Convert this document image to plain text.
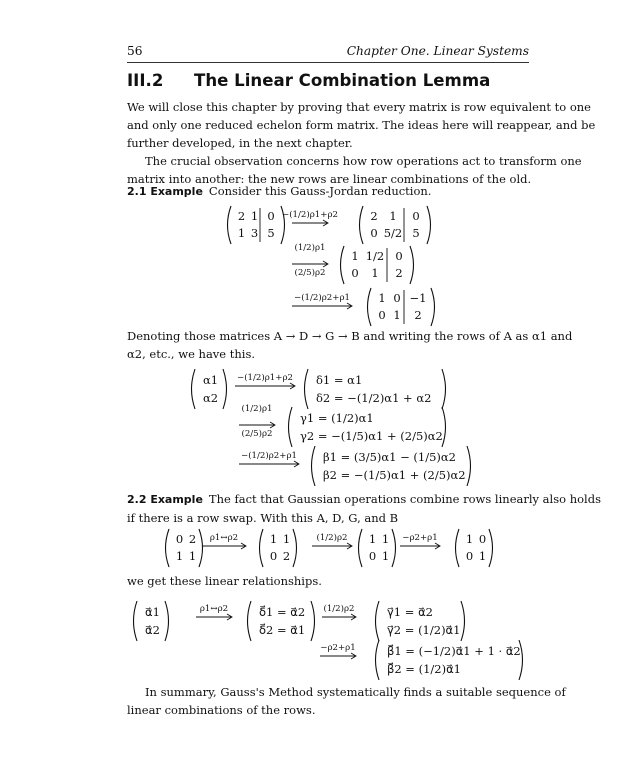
56	Chapter One. Linear Systems
III.2 The Linear Combination Lemma
We will close this chapter by proving that every matrix is row equivalent to one
and only one reduced echelon form matrix. The ideas here will reappear, and be
further developed, in the next chapter.
The crucial observation concerns how row operations act to transform one
matrix into another: the new rows are linear combinations of the old.
2.1 Example Consider this Gauss-Jordan reduction.
Denoting those matrices A → D → G → B and writing the rows of A as α1 and
α2, etc., we have this.
2.2 Example The fact that Gaussian operations combine rows linearly also holds
if there is a row swap. With this A, D, G, and B
we get these linear relationships.
In summary, Gauss's Method systematically finds a suitable sequence of
linear combinations of the rows.
2 1 0
1 3 5
−(1/2)ρ1+ρ2	2 1 0
0 5/2 5
(1/2)ρ1
(2/5)ρ2
1 1/2 0
0 1 2
−(1/2)ρ2+ρ1 1 0 −1
0 1 2
α1
α2
−(1/2)ρ1+ρ2 δ1 = α1
δ2 = −(1/2)α1 + α2
(1/2)ρ1
(2/5)ρ2
γ1 = (1/2)α1
γ2 = −(1/5)α1 + (2/5)α2
−(1/2)ρ2+ρ1 β1 = (3/5)α1 − (1/5)α2
β2 = −(1/5)α1 + (2/5)α2
0 2
1 1
ρ1↔ρ2	1 1
0 2
(1/2)ρ2 1 1
0 1
−ρ2+ρ1 1 0
0 1
α⃗1
α⃗2
ρ1↔ρ2	δ⃗1 = α⃗2
δ⃗2 = α⃗1
(1/2)ρ2	γ⃗1 = α⃗2
γ⃗2 = (1/2)α⃗1
−ρ2+ρ1	β⃗1 = (−1/2)α⃗1 + 1 · α⃗2
β⃗2 = (1/2)α⃗1
